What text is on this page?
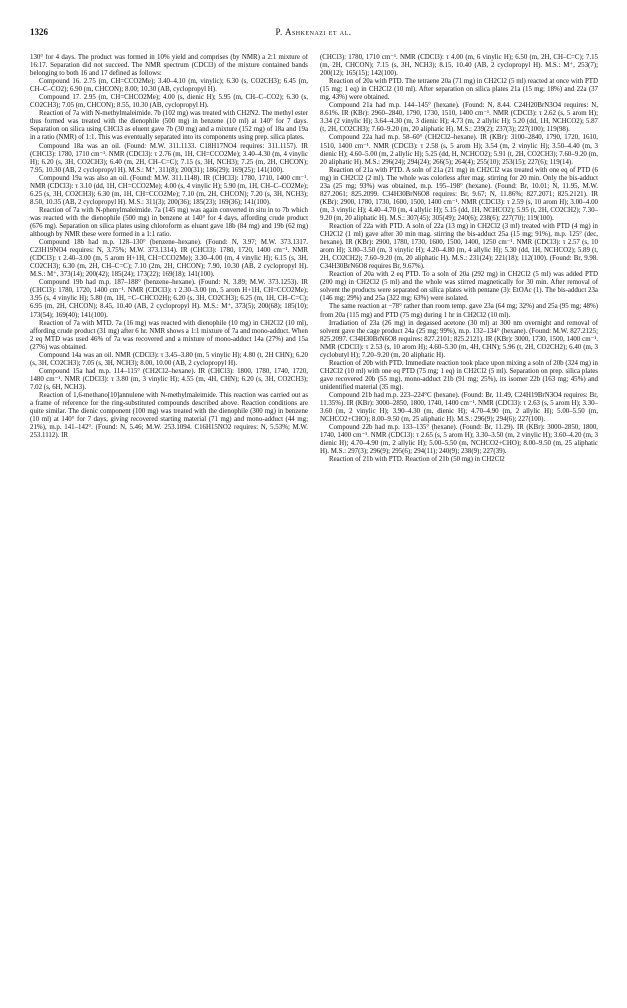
1326	P. Ashkenazi et al.

130° for 4 days. The product was formed in 10% yield and comprises (by NMR) a 2:1 mixture of 16:17. Separation did not succeed. The NMR spectrum (CDCl3) of the mixture contained bands belonging to both 16 and 17 defined as follows:

Compound 16. 2.75 (m, CH=CCO2Me); 3.40–4.10 (m, vinylic); 6.30 (s, CO2CH3); 6.45 (m, CH–C–CO2); 6.90 (m, CHCON); 8.00; 10.30 (AB, cyclopropyl H).

Compound 17. 2.95 (m, CH=CHCO2Me); 4.00 (s, dienic H); 5.95 (m, CH–C–CO2); 6.30 (s, CO2CH3); 7.05 (m, CHCON); 8.55, 10.30 (AB, cyclopropyl H).

Reaction of 7a with N-methylmaleimide. 7b (102 mg) was treated with CH2N2. The methyl ester thus formed was treated with the dienophile (500 mg) in benzene (10 ml) at 140° for 7 days. Separation on silica using CHCl3 as eluent gave 7b (30 mg) and a mixture (152 mg) of 18a and 19a in a ratio (NMR) of 1:1. This was eventually separated into its components using prep. silica plates.

Compound 18a was an oil. (Found: M.W. 311.1133. C18H17NO4 requires: 311.1157). IR (CHCl3): 1780, 1710 cm⁻¹. NMR (CDCl3): τ 2.76 (m, 1H, CH=CCO2Me); 3.40–4.30 (m, 4 vinylic H); 6.20 (s, 3H, CO2CH3); 6.40 (m, 2H, CH–C=C); 7.15 (s, 3H, NCH3); 7.25 (m, 2H, CHCON); 7.95, 10.30 (AB, 2 cyclopropyl H). M.S.: M⁺, 311(8); 200(31); 186(29); 169(25); 141(100).

Compound 19a was also an oil. (Found: M.W. 311.1148). IR (CHCl3): 1780, 1710, 1400 cm⁻¹. NMR (CDCl3): τ 3.10 (dd, 1H, CH=CCO2Me); 4.00 (s, 4 vinylic H); 5.90 (m, 1H, CH–C–CO2Me); 6.25 (s, 3H, CO2CH3); 6.30 (m, 1H, CH=CCO2Me); 7.10 (m, 2H, CHCON); 7.20 (s, 3H, NCH3); 8.50, 10.35 (AB, 2 cyclopropyl H). M.S.: 311(3); 200(36); 185(23); 169(36); 141(100).

Reaction of 7a with N-phenylmaleimide. 7a (145 mg) was again converted in situ in to 7b which was reacted with the dienophile (500 mg) in benzene at 140° for 4 days, affording crude product (676 mg). Separation on silica plates using chloroform as eluant gave 18b (84 mg) and 19b (62 mg) although by NMR these were formed in a 1:1 ratio.

Compound 18b had m.p. 128–130° (benzene–hexane). (Found: N, 3.97; M.W. 373.1317. C23H19NO4 requires: N, 3.75%; M.W. 373.1314). IR (CHCl3): 1780, 1720, 1400 cm⁻¹. NMR (CDCl3): τ 2.40–3.00 (m, 5 arom H+1H, CH=CCO2Me); 3.30–4.00 (m, 4 vinylic H); 6.15 (s, 3H, CO2CH3); 6.30 (m, 2H, CH–C=C); 7.10 (2m, 2H, CHCON); 7.90, 10.30 (AB, 2 cyclopropyl H). M.S.: M⁺, 373(14); 200(42); 185(24); 173(22); 169(18); 141(100).

Compound 19b had m.p. 187–188° (benzene–hexane). (Found: N, 3.89; M.W. 373.1253). IR (CHCl3): 1780, 1720, 1400 cm⁻¹. NMR (CDCl3): τ 2.30–3.00 (m, 5 arom H+1H, CH=CCO2Me); 3.95 (s, 4 vinylic H); 5.80 (m, 1H, =C–CHCO2H); 6.20 (s, 3H, CO2CH3); 6.25 (m, 1H, CH–C=C); 6.95 (m, 2H, CHCON); 8.45, 10.40 (AB, 2 cyclopropyl H). M.S.: M⁺, 373(5); 200(68); 185(10); 173(54); 169(40); 141(100).

Reaction of 7a with MTD. 7a (16 mg) was reacted with dienophile (10 mg) in CH2Cl2 (10 ml), affording crude product (31 mg) after 6 hr. NMR shows a 1:1 mixture of 7a and mono-adduct. When 2 eq MTD was used 46% of 7a was recovered and a mixture of mono-adduct 14a (27%) and 15a (27%) was obtained.

Compound 14a was an oil. NMR (CDCl3): τ 3.45–3.80 (m, 5 vinylic H); 4.80 (t, 2H CHN); 6.20 (s, 3H, CO2CH3); 7.05 (s, 3H, NCH3); 8.00, 10.00 (AB, 2 cyclopropyl H).

Compound 15a had m.p. 114–115° (CH2Cl2–hexane). IR (CHCl3): 1800, 1780, 1740, 1720, 1480 cm⁻¹. NMR (CDCl3): τ 3.80 (m, 3 vinylic H); 4.55 (m, 4H, CHN); 6.20 (s, 3H, CO2CH3); 7.02 (s, 6H, NCH3).

Reaction of 1,6-methano[10]annulene with N-methylmaleimide. This reaction was carried out as a frame of reference for the ring-substituted compounds described above. Reaction conditions are quite similar. The dienic component (100 mg) was treated with the dienophile (300 mg) in benzene (10 ml) at 140° for 7 days, giving recovered starting material (71 mg) and mono-adduct (44 mg; 21%), m.p. 141–142°. (Found: N, 5.46; M.W. 253.1094. C16H15NO2 requires: N, 5.53%; M.W. 253.1112). IR

(CHCl3): 1780, 1710 cm⁻¹. NMR (CDCl3): τ 4.00 (m, 6 vinylic H); 6.50 (m, 2H, CH–C=C); 7.15 (m, 2H, CHCON); 7.15 (s, 3H, NCH3); 8.15, 10.40 (AB, 2 cyclopropyl H). M.S.: M⁺, 253(7); 200(12); 165(15); 142(100).

Reaction of 20a with PTD. The tetraene 20a (71 mg) in CH2Cl2 (5 ml) reacted at once with PTD (15 mg; 1 eq) in CH2Cl2 (10 ml). After separation on silica plates 21a (15 mg; 18%) and 22a (37 mg, 43%) were obtained.

Compound 21a had m.p. 144–145° (hexane). (Found: N, 8.44. C24H20BrN3O4 requires: N, 8.61%. IR (KBr): 2960–2840, 1790, 1730, 1510, 1400 cm⁻¹. NMR (CDCl3): τ 2.62 (s, 5 arom H); 3.34 (2 vinylic H); 3.64–4.30 (m, 3 dienic H); 4.73 (m, 2 allylic H); 5.20 (dd, 1H, NCHCO2); 5.87 (t, 2H, CO2CH3); 7.60–9.20 (m, 20 aliphatic H). M.S.: 239(2); 237(3); 227(100); 119(98).

Compound 22a had m.p. 58–60° (CH2Cl2–hexane). IR (KBr): 3100–2840, 1790, 1720, 1610, 1510, 1400 cm⁻¹. NMR (CDCl3): τ 2.58 (s, 5 arom H); 3.54 (m, 2 vinylic H); 3.50–4.40 (m, 3 dienic H); 4.60–5.00 (m, 2 allylic H); 5.25 (dd, H, NCHCO2); 5.91 (t, 2H, CO2CH3); 7.60–9.20 (m, 20 aliphatic H). M.S.: 296(24); 294(24); 266(5); 264(4); 255(10); 253(15); 227(6); 119(14).

Reaction of 21a with PTD. A soln of 21a (21 mg) in CH2Cl2 was treated with one eq of PTD (6 mg) in CH2Cl2 (2 ml). The whole was colorless after mag. stirring for 20 min. Only the bis-adduct 23a (25 mg; 93%) was obtained, m.p. 195–198° (hexane). (Found: Br, 10.01; N, 11.95, M.W. 827.2061; 825.2099. C34H30BrN6O8 requires: Br, 9.67; N, 11.86%; 827.2071; 825.2121). IR (KBr): 2900, 1780, 1730, 1600, 1500, 1400 cm⁻¹. NMR (CDCl3): τ 2.59 (s, 10 arom H); 3.00–4.00 (m, 3 vinylic H); 4.40–4.70 (m, 4 allylic H); 5.15 (dd, 1H, NCHCO2); 5.95 (t, 2H, CO2CH2); 7.30–9.20 (m, 20 aliphatic H). M.S.: 307(45); 305(49); 240(6); 238(6); 227(70); 119(100).

Reaction of 22a with PTD. A soln of 22a (13 mg) in CH2Cl2 (3 ml) treated with PTD (4 mg) in CH2Cl2 (1 ml) gave after 30 min mag. stirring the bis-adduct 25a (15 mg; 91%), m.p. 125° (dec, hexane). IR (KBr): 2900, 1780, 1730, 1600, 1500, 1400, 1250 cm⁻¹. NMR (CDCl3): τ 2.57 (s, 10 arom H); 3.00–3.50 (m, 3 vinylic H); 4.20–4.80 (m, 4 allylic H); 5.30 (dd, 1H, NCHCO2); 5.89 (t, 2H, CO2CH2); 7.60–9.20 (m, 20 aliphatic H). M.S.: 231(24); 221(18); 112(100). (Found: Br, 9.98. C34H30BrN6O8 requires Br, 9.67%).

Reaction of 20a with 2 eq PTD. To a soln of 20a (292 mg) in CH2Cl2 (5 ml) was added PTD (200 mg) in CH2Cl2 (5 ml) and the whole was stirred magnetically for 30 min. After removal of solvent the products were separated on silica plates with pentane (3): EtOAc (1). The bis-adduct 23a (146 mg; 29%) and 25a (322 mg; 63%) were isolated.

The same reaction at −78° rather than room temp. gave 23a (64 mg; 32%) and 25a (95 mg; 48%) from 20a (115 mg) and PTD (75 mg) during 1 hr in CH2Cl2 (10 ml).

Irradiation of 23a (26 mg) in degassed acetone (30 ml) at 300 nm overnight and removal of solvent gave the cage product 24a (25 mg; 99%), m.p. 132–134° (hexane). (Found: M.W. 827.2125; 825.2097. C34H30BrN6O8 requires: 827.2101; 825.2121). IR (KBr): 3000, 1730, 1500, 1400 cm⁻¹. NMR (CDCl3): τ 2.53 (s, 10 arom H); 4.60–5.30 (m, 4H, CHN); 5.96 (t, 2H, CO2CH2); 6.40 (m, 3 cyclobutyl H); 7.20–9.20 (m, 20 aliphatic H).

Reaction of 20b with PTD. Immediate reaction took place upon mixing a soln of 20b (324 mg) in CH2Cl2 (10 ml) with one eq PTD (75 mg; 1 eq) in CH2Cl2 (5 ml). Separation on prep. silica plates gave recovered 20b (55 mg), mono-adduct 21b (91 mg; 25%), its isomer 22b (163 mg; 45%) and unidentified material (35 mg).

Compound 21b had m.p. 223–224°C (hexane). (Found: Br, 11.49, C24H19BrN3O4 requires: Br, 11.35%). IR (KBr): 3000–2850, 1800, 1740, 1400 cm⁻¹. NMR (CDCl3): τ 2.63 (s, 5 arom H); 3.30–3.60 (m, 2 vinylic H); 3.90–4.30 (m, dienic H); 4.70–4.90 (m, 2 allylic H); 5.00–5.50 (m, NCHCO2+CHO); 8.00–9.50 (m, 25 aliphatic H). M.S.: 296(9); 294(6); 227(100).

Compound 22b had m.p. 133–135° (hexane). (Found: Br, 11.29). IR (KBr): 3000–2850, 1800, 1740, 1400 cm⁻¹. NMR (CDCl3): τ 2.65 (s, 5 arom H); 3.30–3.50 (m, 2 vinylic H); 3.60–4.20 (m, 3 dienic H); 4.70–4.90 (m, 2 allylic H); 5.00–5.50 (m, NCHCO2+CHO); 8.00–9.50 (m, 25 aliphatic H). M.S.: 297(3); 296(9); 295(6); 294(11); 240(9); 238(9); 227(39).

Reaction of 21b with PTD. Reaction of 21b (50 mg) in CH2Cl2
